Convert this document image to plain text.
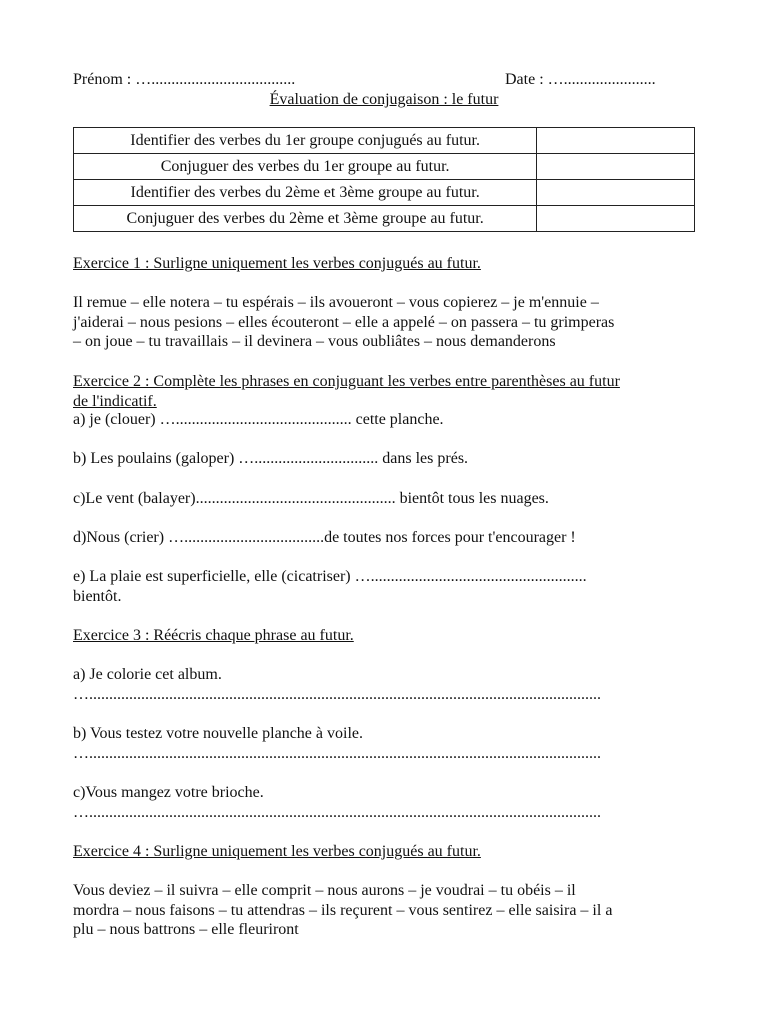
Prénom : …....................................	Date : ….......................
Évaluation de conjugaison : le futur
Identifier des verbes du 1er groupe conjugués au futur.	
Conjuguer des verbes du 1er groupe au futur.	
Identifier des verbes du 2ème et 3ème groupe au futur.	
Conjuguer des verbes du 2ème et 3ème groupe au futur.	
Exercice 1 : Surligne uniquement les verbes conjugués au futur.
Il remue – elle notera – tu espérais – ils avoueront – vous copierez – je m'ennuie –
j'aiderai – nous pesions – elles écouteront – elle a appelé – on passera – tu grimperas
– on joue – tu travaillais – il devinera – vous oubliâtes – nous demanderons
Exercice 2 : Complète les phrases en conjuguant les verbes entre parenthèses au futur
de l'indicatif.
a) je (clouer) …............................................ cette planche.
b) Les poulains (galoper) …............................... dans les prés.
c)Le vent (balayer).................................................. bientôt tous les nuages.
d)Nous (crier) …...................................de toutes nos forces pour t'encourager !
e) La plaie est superficielle, elle (cicatriser) …......................................................
bientôt.
Exercice 3 : Réécris chaque phrase au futur.
a) Je colorie cet album.
…................................................................................................................................
b) Vous testez votre nouvelle planche à voile.
…................................................................................................................................
c)Vous mangez votre brioche.
…................................................................................................................................
Exercice 4 : Surligne uniquement les verbes conjugués au futur.
Vous deviez – il suivra – elle comprit – nous aurons – je voudrai – tu obéis – il
mordra – nous faisons – tu attendras – ils reçurent – vous sentirez – elle saisira – il a
plu – nous battrons – elle fleuriront
